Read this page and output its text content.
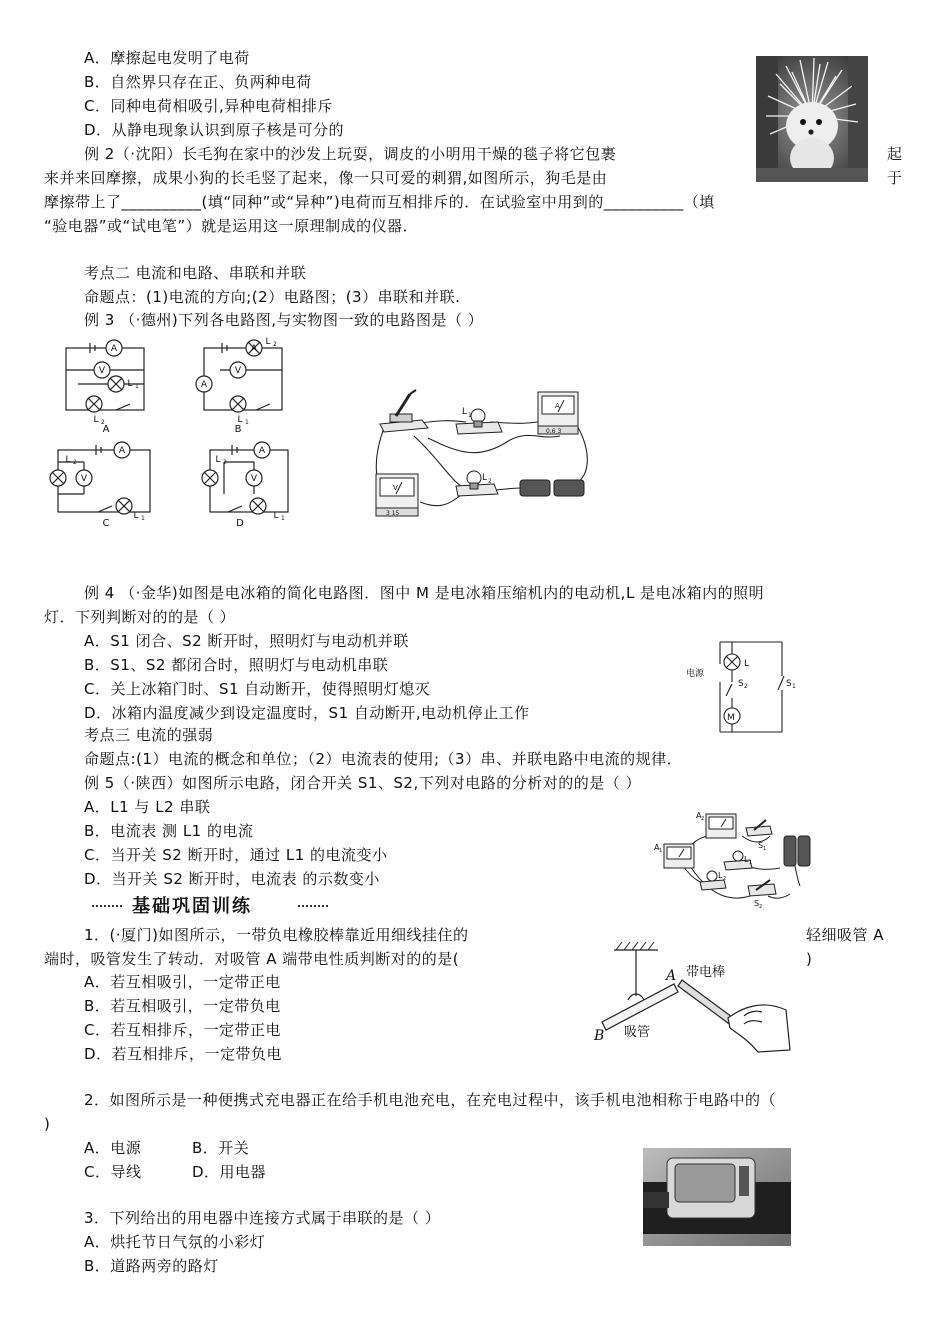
A．摩擦起电发明了电荷
B．自然界只存在正、负两种电荷
C．同种电荷相吸引,异种电荷相排斥
D．从静电现象认识到原子核是可分的
例 2（·沈阳）长毛狗在家中的沙发上玩耍，调皮的小明用干燥的毯子将它包裹	起
来并来回摩擦，成果小狗的长毛竖了起来，像一只可爱的刺猬,如图所示，狗毛是由	于
摩擦带上了__________(填“同种”或“异种”)电荷而互相排斥的．在试验室中用到的__________（填
“验电器”或“试电笔”）就是运用这一原理制成的仪器．
考点二 电流和电路、串联和并联
命题点：(1)电流的方向;(2）电路图；(3）串联和并联.
例 3 （·德州)下列各电路图,与实物图一致的电路图是（ ）
例 4 （·金华)如图是电冰箱的简化电路图．图中 M 是电冰箱压缩机内的电动机,L 是电冰箱内的照明
灯．下列判断对的的是（ ）
A．S1 闭合、S2 断开时，照明灯与电动机并联
B．S1、S2 都闭合时，照明灯与电动机串联
C．关上冰箱门时、S1 自动断开，使得照明灯熄灭
D．冰箱内温度减少到设定温度时，S1 自动断开,电动机停止工作
考点三 电流的强弱
命题点:(1）电流的概念和单位；（2）电流表的使用;（3）串、并联电路中电流的规律．
例 5（·陕西）如图所示电路，闭合开关 S1、S2,下列对电路的分析对的的是（ ）
A．L1 与 L2 串联
B．电流表 测 L1 的电流
C．当开关 S2 断开时，通过 L1 的电流变小
D．当开关 S2 断开时，电流表 的示数变小
基础巩固训练
1．(·厦门)如图所示，一带负电橡胶棒靠近用细线挂住的	轻细吸管 A
端时，吸管发生了转动．对吸管 A 端带电性质判断对的的是(	)
A．若互相吸引，一定带正电
B．若互相吸引，一定带负电
C．若互相排斥，一定带正电
D．若互相排斥，一定带负电
2．如图所示是一种便携式充电器正在给手机电池充电，在充电过程中，该手机电池相称于电路中的（
)
A．电源	B．开关
C．导线	D．用电器
3．下列给出的用电器中连接方式属于串联的是（ ）
A．烘托节日气氛的小彩灯
B．道路两旁的路灯
A
V
A
A
V
A
V
A
V
L
L
L
L
L
L
L
L
A	B
C	D
1
2
2
1
2
1
2
1
L 1
L 2
A
V
0.6 3
3 15
电源
L
S 2	S 1
M
A 1
A 2
S 1
L 1
L 2
S 2
A
B
带电棒
吸管
